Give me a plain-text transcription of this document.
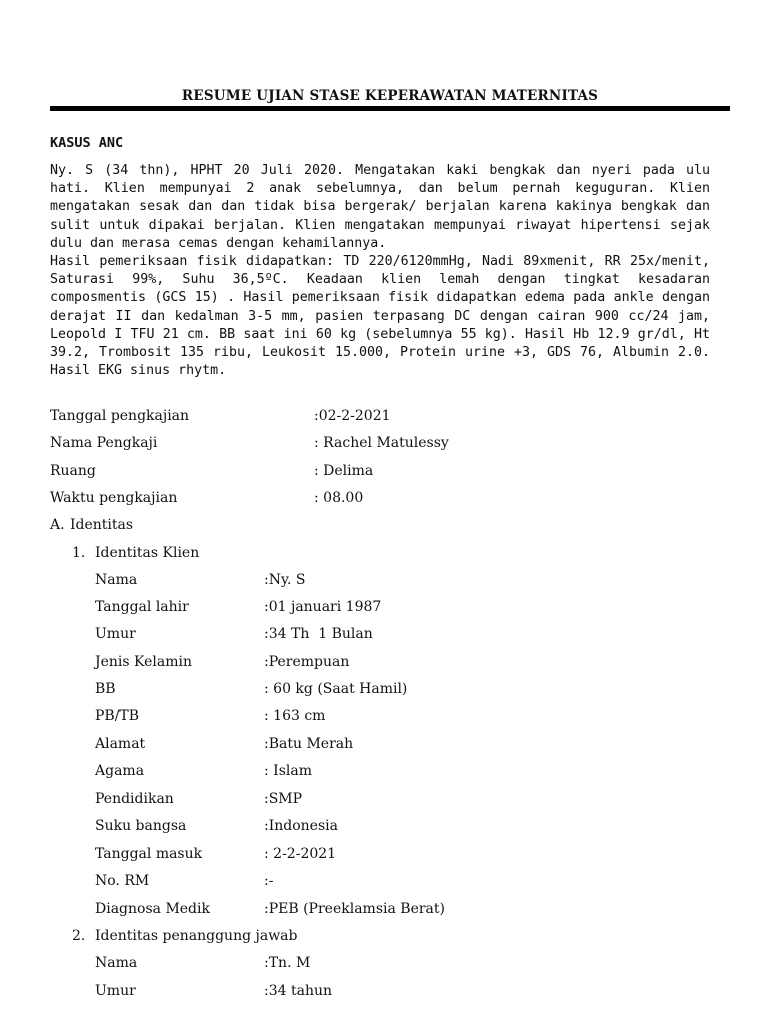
RESUME UJIAN STASE KEPERAWATAN MATERNITAS
KASUS ANC

Ny. S (34 thn), HPHT 20 Juli 2020. Mengatakan kaki bengkak dan nyeri pada ulu hati. Klien mempunyai 2 anak sebelumnya, dan belum pernah keguguran. Klien mengatakan sesak dan dan tidak bisa bergerak/ berjalan karena kakinya bengkak dan sulit untuk dipakai berjalan. Klien mengatakan mempunyai riwayat hipertensi sejak dulu dan merasa cemas dengan kehamilannya.

Hasil pemeriksaan fisik didapatkan: TD 220/6120mmHg, Nadi 89xmenit, RR 25x/menit, Saturasi 99%, Suhu 36,5ºC. Keadaan klien lemah dengan tingkat kesadaran composmentis (GCS 15) . Hasil pemeriksaan fisik didapatkan edema pada ankle dengan derajat II dan kedalman 3-5 mm, pasien terpasang DC dengan cairan 900 cc/24 jam, Leopold I TFU 21 cm. BB saat ini 60 kg (sebelumnya 55 kg). Hasil Hb 12.9 gr/dl, Ht 39.2, Trombosit 135 ribu, Leukosit 15.000, Protein urine +3, GDS 76, Albumin 2.0. Hasil EKG sinus rhytm.

Tanggal pengkajian	:02-2-2021
Nama Pengkaji	: Rachel Matulessy
Ruang	: Delima
Waktu pengkajian	: 08.00
A. Identitas
1. Identitas Klien
Nama	:Ny. S
Tanggal lahir	:01 januari 1987
Umur	:34 Th  1 Bulan
Jenis Kelamin	:Perempuan
BB	: 60 kg (Saat Hamil)
PB/TB	: 163 cm
Alamat	:Batu Merah
Agama	: Islam
Pendidikan	:SMP
Suku bangsa	:Indonesia
Tanggal masuk	: 2-2-2021
No. RM	:-
Diagnosa Medik	:PEB (Preeklamsia Berat)
2. Identitas penanggung jawab
Nama	:Tn. M
Umur	:34 tahun
